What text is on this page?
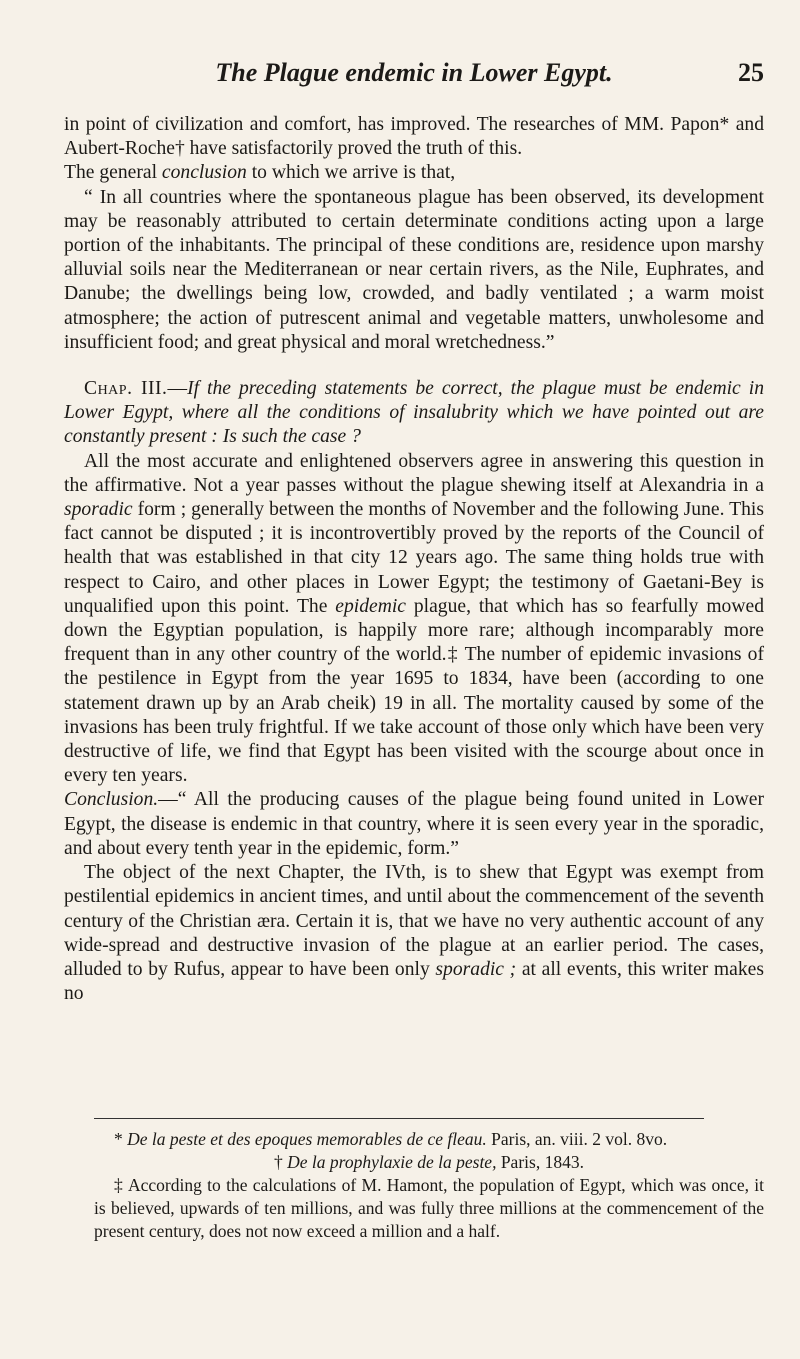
The Plague endemic in Lower Egypt.	25

in point of civilization and comfort, has improved. The researches of MM. Papon* and Aubert-Roche† have satisfactorily proved the truth of this.

The general conclusion to which we arrive is that,

“ In all countries where the spontaneous plague has been observed, its development may be reasonably attributed to certain determinate conditions acting upon a large portion of the inhabitants. The principal of these conditions are, residence upon marshy alluvial soils near the Mediterranean or near certain rivers, as the Nile, Euphrates, and Danube; the dwellings being low, crowded, and badly ventilated ; a warm moist atmosphere; the action of putrescent animal and vegetable matters, unwholesome and insufficient food; and great physical and moral wretchedness.”

Chap. III.—If the preceding statements be correct, the plague must be endemic in Lower Egypt, where all the conditions of insalubrity which we have pointed out are constantly present : Is such the case ?

All the most accurate and enlightened observers agree in answering this question in the affirmative. Not a year passes without the plague shewing itself at Alexandria in a sporadic form ; generally between the months of November and the following June. This fact cannot be disputed ; it is incontrovertibly proved by the reports of the Council of health that was established in that city 12 years ago. The same thing holds true with respect to Cairo, and other places in Lower Egypt; the testimony of Gaetani-Bey is unqualified upon this point. The epidemic plague, that which has so fearfully mowed down the Egyptian population, is happily more rare; although incomparably more frequent than in any other country of the world.‡ The number of epidemic invasions of the pestilence in Egypt from the year 1695 to 1834, have been (according to one statement drawn up by an Arab cheik) 19 in all. The mortality caused by some of the invasions has been truly frightful. If we take account of those only which have been very destructive of life, we find that Egypt has been visited with the scourge about once in every ten years.

Conclusion.—“ All the producing causes of the plague being found united in Lower Egypt, the disease is endemic in that country, where it is seen every year in the sporadic, and about every tenth year in the epidemic, form.”

The object of the next Chapter, the IVth, is to shew that Egypt was exempt from pestilential epidemics in ancient times, and until about the commencement of the seventh century of the Christian æra. Certain it is, that we have no very authentic account of any wide-spread and destructive invasion of the plague at an earlier period. The cases, alluded to by Rufus, appear to have been only sporadic ; at all events, this writer makes no

* De la peste et des epoques memorables de ce fleau. Paris, an. viii. 2 vol. 8vo.

† De la prophylaxie de la peste, Paris, 1843.

‡ According to the calculations of M. Hamont, the population of Egypt, which was once, it is believed, upwards of ten millions, and was fully three millions at the commencement of the present century, does not now exceed a million and a half.
